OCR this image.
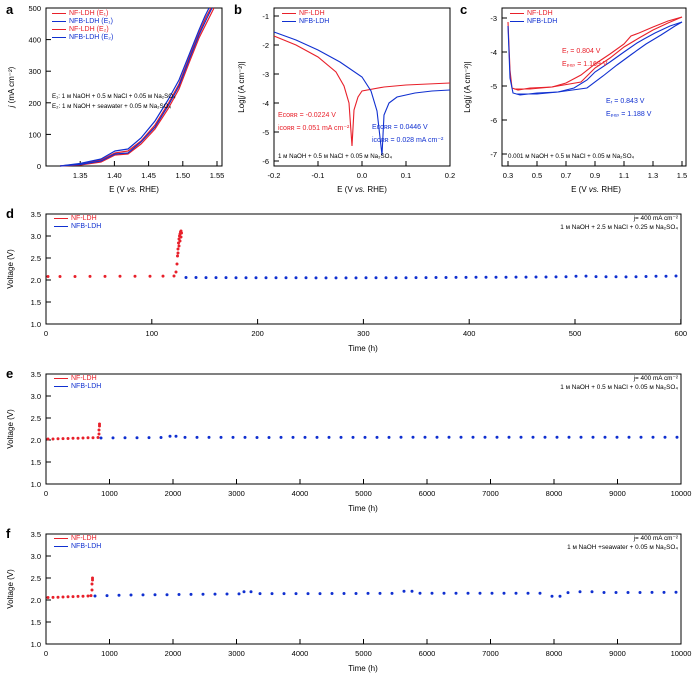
a
0
100
200
300
400
500
1.35	1.40	1.45	1.50	1.55
E (V vs. RHE)
j (mA cm⁻²)
NF-LDH (E₁)
NFB-LDH (E₁)
NF-LDH (E₂)
NFB-LDH (E₂)
E₁: 1 м NaOH + 0.5 м NaCl + 0.05 м Na₂SO₄
E₂: 1 м NaOH + seawater + 0.05 м Na₂SO₄
b	-1
-2
-3
-4
-5
-6
-0.2	-0.1	0.0	0.1	0.2
E (V vs. RHE)
Log|j (A cm⁻²)|
NF-LDH
NFB-LDH
Eᴄᴏʀʀ = -0.0224 V
iᴄᴏʀʀ = 0.051 mA cm⁻²	Eᴄᴏʀʀ = 0.0446 V
iᴄᴏʀʀ = 0.028 mA cm⁻²
1 м NaOH + 0.5 м NaCl + 0.05 м Na₂SO₄
c
-3
-4
-5
-6
-7
0.3 0.5 0.7 0.9 1.1 1.3 1.5
E (V vs. RHE)
Log|j (A cm⁻²)|
NF-LDH
NFB-LDH
Eᵣ = 0.804 V
Eₚₑₚ = 1.169 V
Eᵣ = 0.843 V
Eₚₑₚ = 1.188 V
0.001 м NaOH + 0.5 м NaCl + 0.05 м Na₂SO₄
d
1.0
1.5
2.0
2.5
3.0
3.5
0	100	200	300	400	500	600
Time (h)
Voltage (V)
NF-LDH
NFB-LDH
j= 400 mA cm⁻²
1 м NaOH + 2.5 м NaCl + 0.25 м Na₂SO₄
e
1.0
1.5
2.0
2.5
3.0
3.5
0	1000	2000	3000	4000	5000	6000	7000	8000	9000	10000
Time (h)
Voltage (V)
NF-LDH
NFB-LDH
j= 400 mA cm⁻²
1 м NaOH + 0.5 м NaCl + 0.05 м Na₂SO₄
f
1.0
1.5
2.0
2.5
3.0
3.5
0	1000	2000	3000	4000	5000	6000	7000	8000	9000	10000
Time (h)
Voltage (V)
NF-LDH
NFB-LDH
j= 400 mA cm⁻²
1 м NaOH +seawater + 0.05 м Na₂SO₄
